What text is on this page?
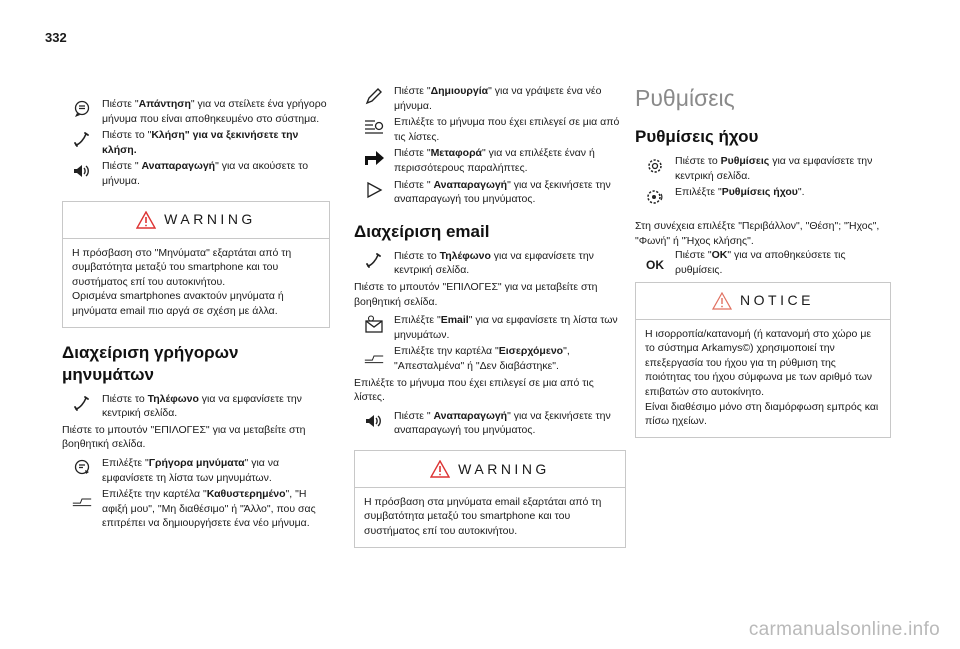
332
Πιέστε "Απάντηση" για να στείλετε ένα γρήγορο μήνυμα που είναι αποθηκευμένο στο σύστημα.
Πιέστε το "Κλήση" για να ξεκινήσετε την κλήση.
Πιέστε " Αναπαραγωγή" για να ακούσετε το μήνυμα.
WARNING
Η πρόσβαση στο "Μηνύματα" εξαρτάται από τη συμβατότητα μεταξύ του smartphone και του συστήματος επί του αυτοκινήτου.
Ορισμένα smartphones ανακτούν μηνύματα ή μηνύματα email πιο αργά σε σχέση με άλλα.
Διαχείριση γρήγορων μηνυμάτων
Πιέστε το Τηλέφωνο για να εμφανίσετε την κεντρική σελίδα.
Πιέστε το μπουτόν "ΕΠΙΛΟΓΕΣ" για να μεταβείτε στη βοηθητική σελίδα.
Επιλέξτε "Γρήγορα μηνύματα" για να εμφανίσετε τη λίστα των μηνυμάτων.
Επιλέξτε την καρτέλα "Καθυστερημένο", "Η αφιξή μου", "Μη διαθέσιμο" ή "Άλλο", που σας επιτρέπει να δημιουργήσετε ένα νέο μήνυμα.
Πιέστε "Δημιουργία" για να γράψετε ένα νέο μήνυμα.
Επιλέξτε το μήνυμα που έχει επιλεγεί σε μια από τις λίστες.
Πιέστε "Μεταφορά" για να επιλέξετε έναν ή περισσότερους παραλήπτες.
Πιέστε " Αναπαραγωγή" για να ξεκινήσετε την αναπαραγωγή του μηνύματος.
Διαχείριση email
Πιέστε το Τηλέφωνο για να εμφανίσετε την κεντρική σελίδα.
Πιέστε το μπουτόν "ΕΠΙΛΟΓΕΣ" για να μεταβείτε στη βοηθητική σελίδα.
Επιλέξτε "Email" για να εμφανίσετε τη λίστα των μηνυμάτων.
Επιλέξτε την καρτέλα "Εισερχόμενο", "Απεσταλμένα" ή "Δεν διαβάστηκε".
Επιλέξτε το μήνυμα που έχει επιλεγεί σε μια από τις λίστες.
Πιέστε " Αναπαραγωγή" για να ξεκινήσετε την αναπαραγωγή του μηνύματος.
WARNING
Η πρόσβαση στα μηνύματα email εξαρτάται από τη συμβατότητα μεταξύ του smartphone και του συστήματος επί του αυτοκινήτου.
Ρυθμίσεις
Ρυθμίσεις ήχου
Πιέστε το Ρυθμίσεις για να εμφανίσετε την κεντρική σελίδα.
Επιλέξτε "Ρυθμίσεις ήχου".
Στη συνέχεια επιλέξτε "Περιβάλλον", "Θέση"; "Ήχος", "Φωνή" ή "Ήχος κλήσης".
OK
Πιέστε "OK" για να αποθηκεύσετε τις ρυθμίσεις.
NOTICE
Η ισορροπία/κατανομή (ή κατανομή στο χώρο με το σύστημα Arkamys©) χρησιμοποιεί την επεξεργασία του ήχου για τη ρύθμιση της ποιότητας του ήχου σύμφωνα με των αριθμό των επιβατών στο αυτοκίνητο.
Είναι διαθέσιμο μόνο στη διαμόρφωση εμπρός και πίσω ηχείων.
carmanualsonline.info
